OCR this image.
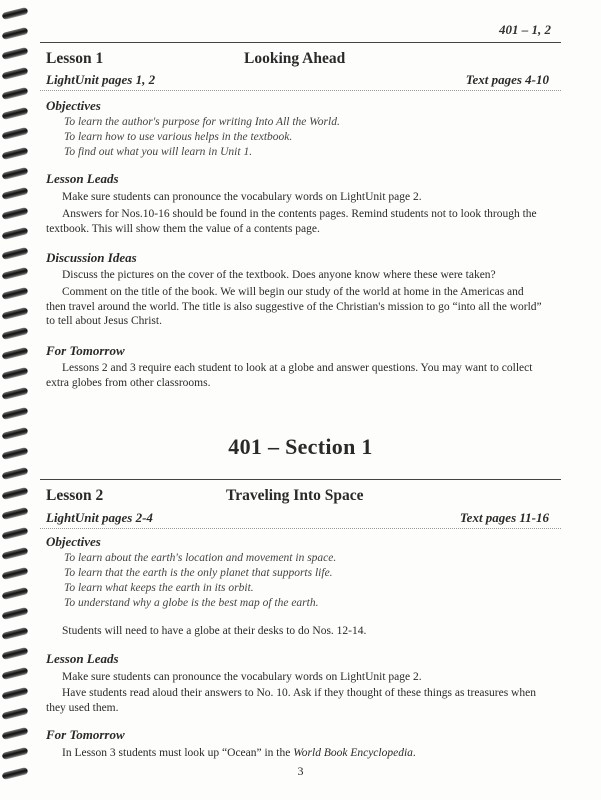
401 – 1, 2
Lesson 1	Looking Ahead
LightUnit pages 1, 2	Text pages 4-10
Objectives
To learn the author's purpose for writing Into All the World.
To learn how to use various helps in the textbook.
To find out what you will learn in Unit 1.
Lesson Leads
Make sure students can pronounce the vocabulary words on LightUnit page 2.
Answers for Nos.10-16 should be found in the contents pages. Remind students not to look through the textbook. This will show them the value of a contents page.
Discussion Ideas
Discuss the pictures on the cover of the textbook. Does anyone know where these were taken?
Comment on the title of the book. We will begin our study of the world at home in the Americas and then travel around the world. The title is also suggestive of the Christian's mission to go “into all the world” to tell about Jesus Christ.
For Tomorrow
Lessons 2 and 3 require each student to look at a globe and answer questions. You may want to collect extra globes from other classrooms.
401 – Section 1
Lesson 2	Traveling Into Space
LightUnit pages 2-4	Text pages 11-16
Objectives
To learn about the earth's location and movement in space.
To learn that the earth is the only planet that supports life.
To learn what keeps the earth in its orbit.
To understand why a globe is the best map of the earth.
Students will need to have a globe at their desks to do Nos. 12-14.
Lesson Leads
Make sure students can pronounce the vocabulary words on LightUnit page 2.
Have students read aloud their answers to No. 10. Ask if they thought of these things as treasures when they used them.
For Tomorrow
In Lesson 3 students must look up “Ocean” in the World Book Encyclopedia.
3
